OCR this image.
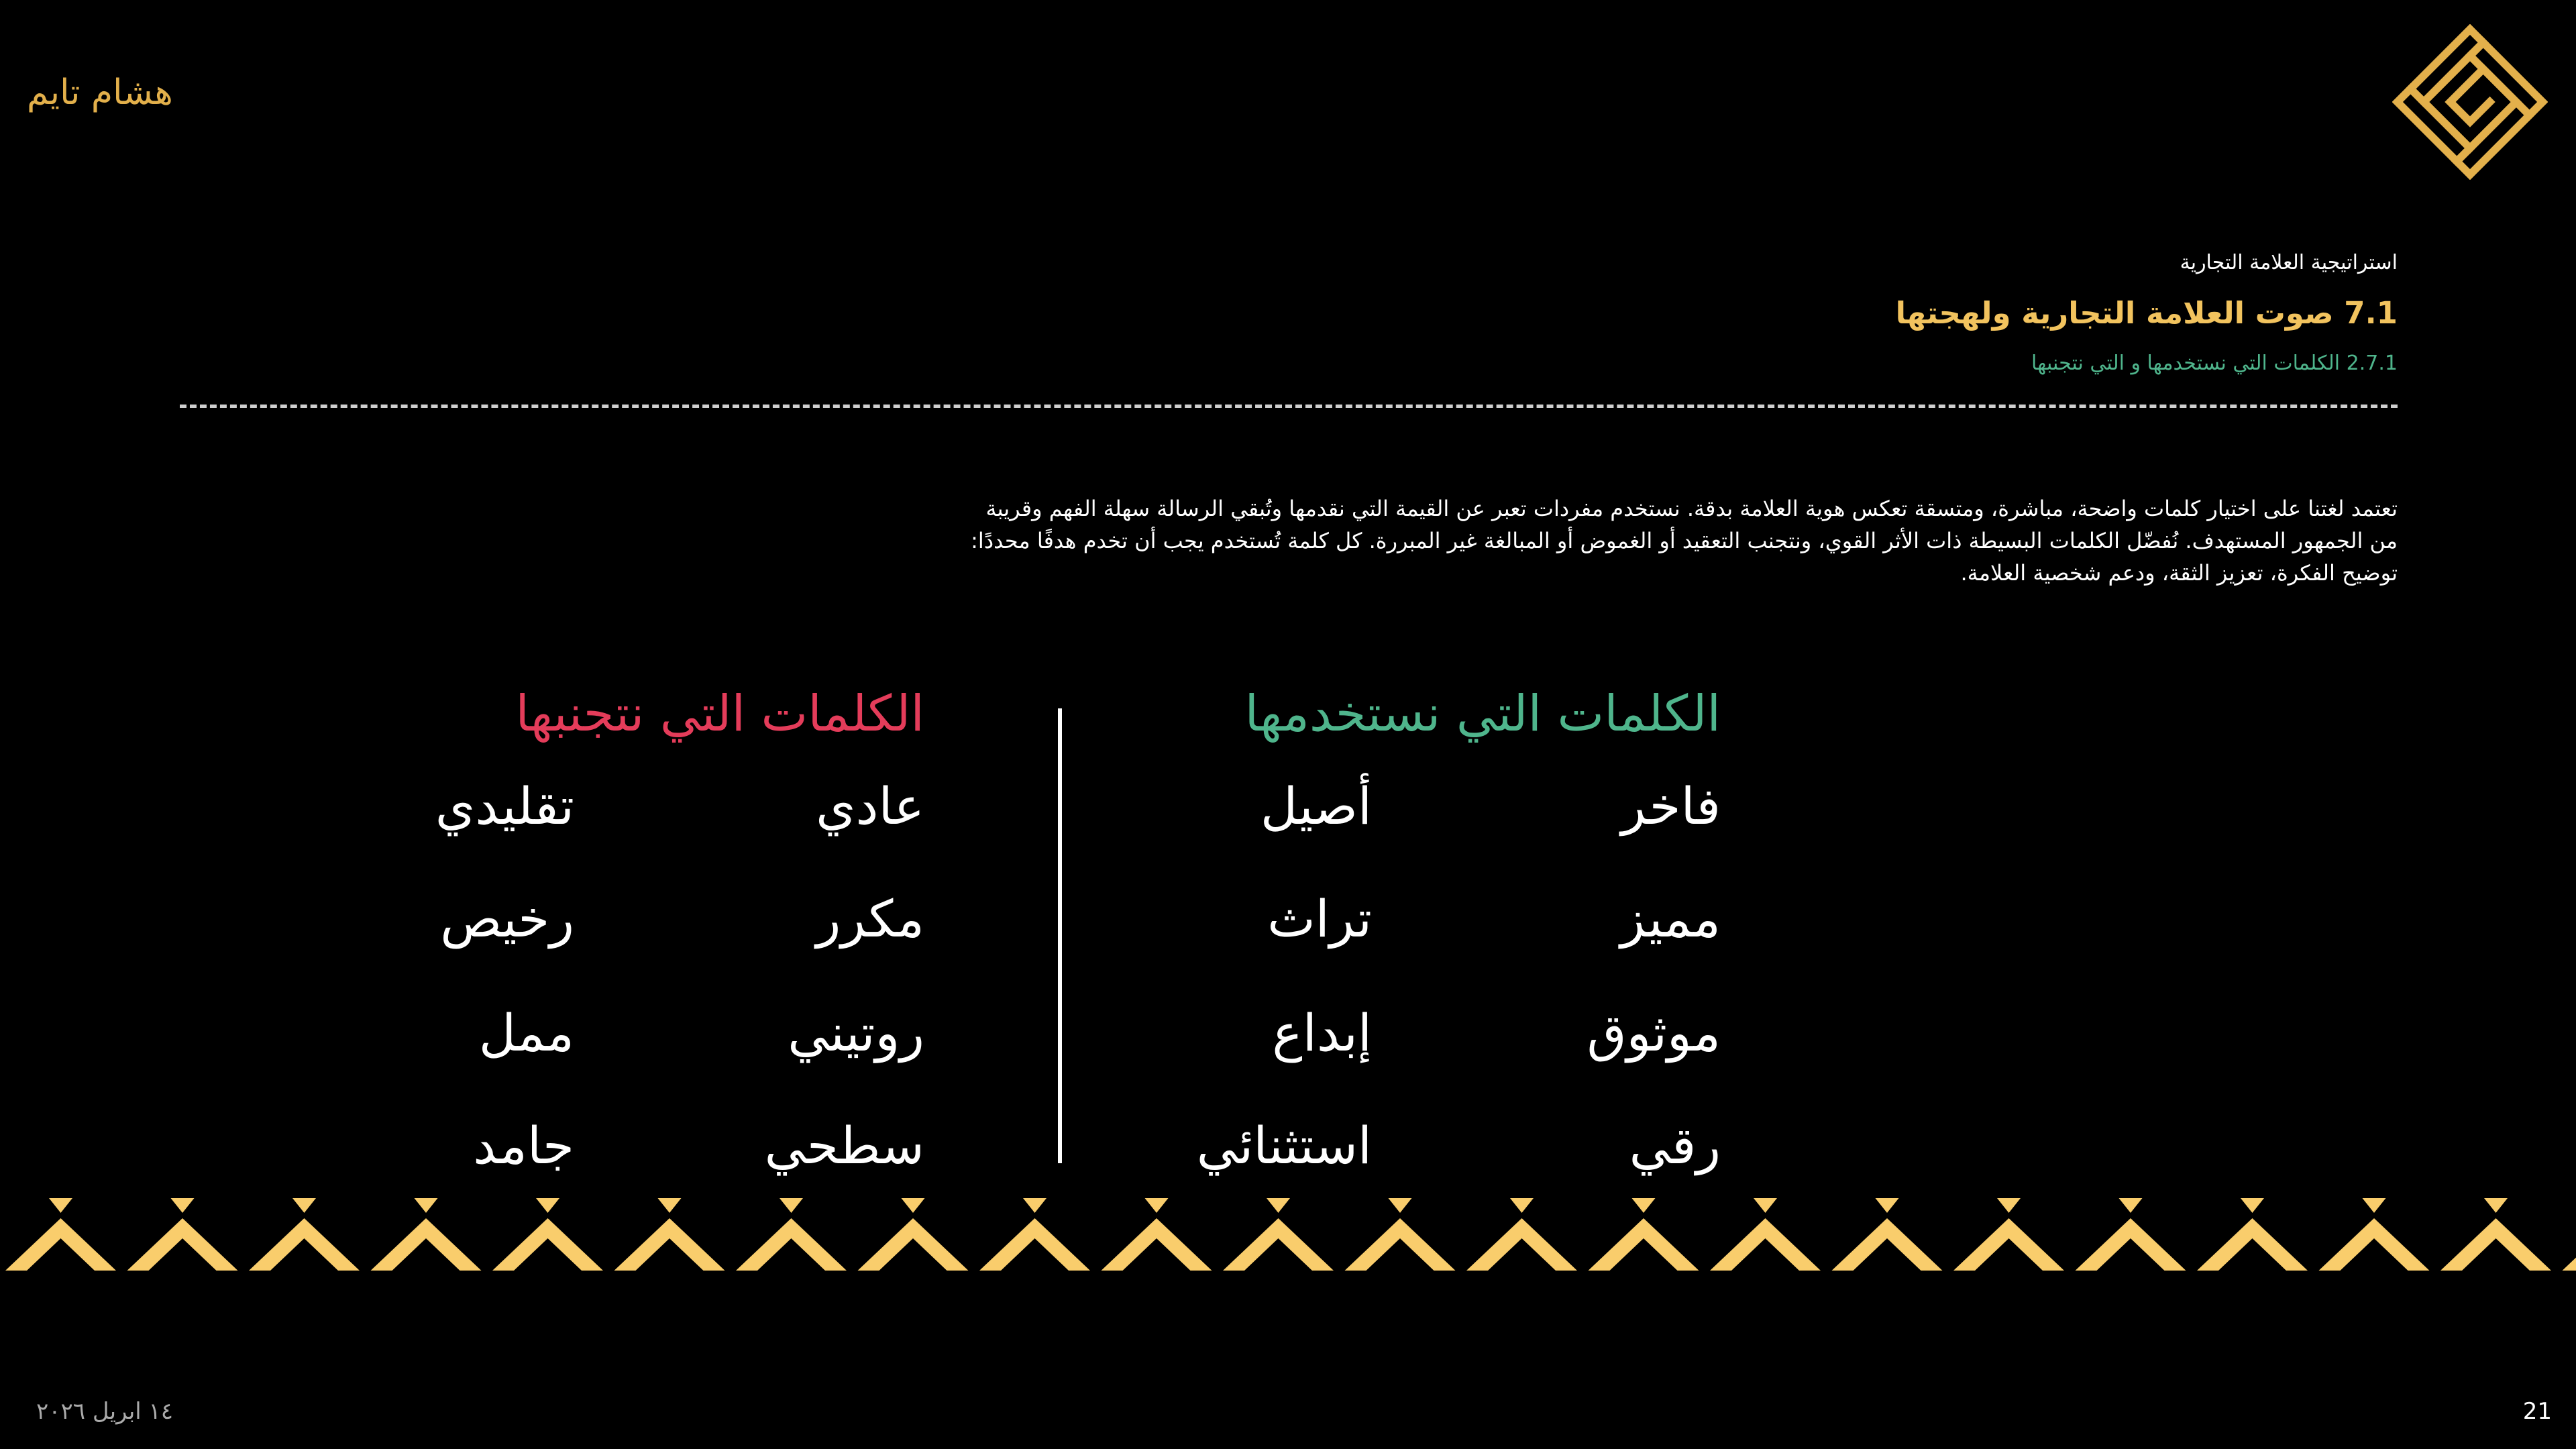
هشام تايم
استراتيجية العلامة التجارية
7.1 صوت العلامة التجارية ولهجتها
2.7.1 الكلمات التي نستخدمها و التي نتجنبها
تعتمد لغتنا على اختيار كلمات واضحة، مباشرة، ومتسقة تعكس هوية العلامة بدقة. نستخدم مفردات تعبر عن القيمة التي نقدمها وتُبقي الرسالة سهلة الفهم وقريبة من الجمهور المستهدف. نُفضّل الكلمات البسيطة ذات الأثر القوي، ونتجنب التعقيد أو الغموض أو المبالغة غير المبررة. كل كلمة تُستخدم يجب أن تخدم هدفًا محددًا: توضيح الفكرة، تعزيز الثقة، ودعم شخصية العلامة.
الكلمات التي نستخدمها
الكلمات التي نتجنبها
فاخر
مميز
موثوق
رقي
أصيل
تراث
إبداع
استثنائي
عادي
مكرر
روتيني
سطحي
تقليدي
رخيص
ممل
جامد
١٤ ابريل ٢٠٢٦	21
